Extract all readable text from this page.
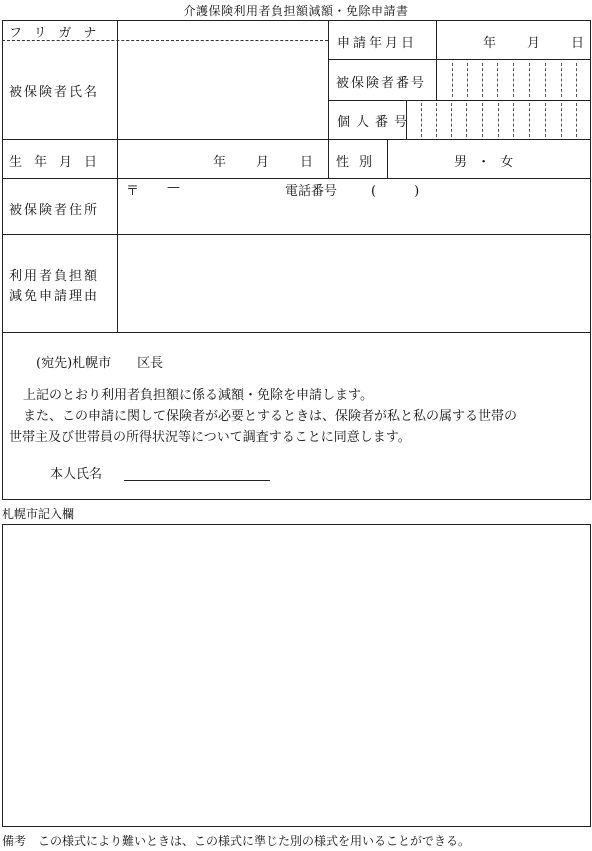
介護保険利用者負担額減額・免除申請書
フリガナ
被保険者氏名
申請年月日	年 月 日
被保険者番号
個人番号
生年月日	年 月 日 性別	男 ・ 女
被保険者住所
〒 —	電話番号	(　　)
利用者負担額
減免申請理由
(宛先)札幌市　　区長
上記のとおり利用者負担額に係る減額・免除を申請します。
また、この申請に関して保険者が必要とするときは、保険者が私と私の属する世帯の
世帯主及び世帯員の所得状況等について調査することに同意します。
本人氏名
札幌市記入欄
備考　この様式により難いときは、この様式に準じた別の様式を用いることができる。
